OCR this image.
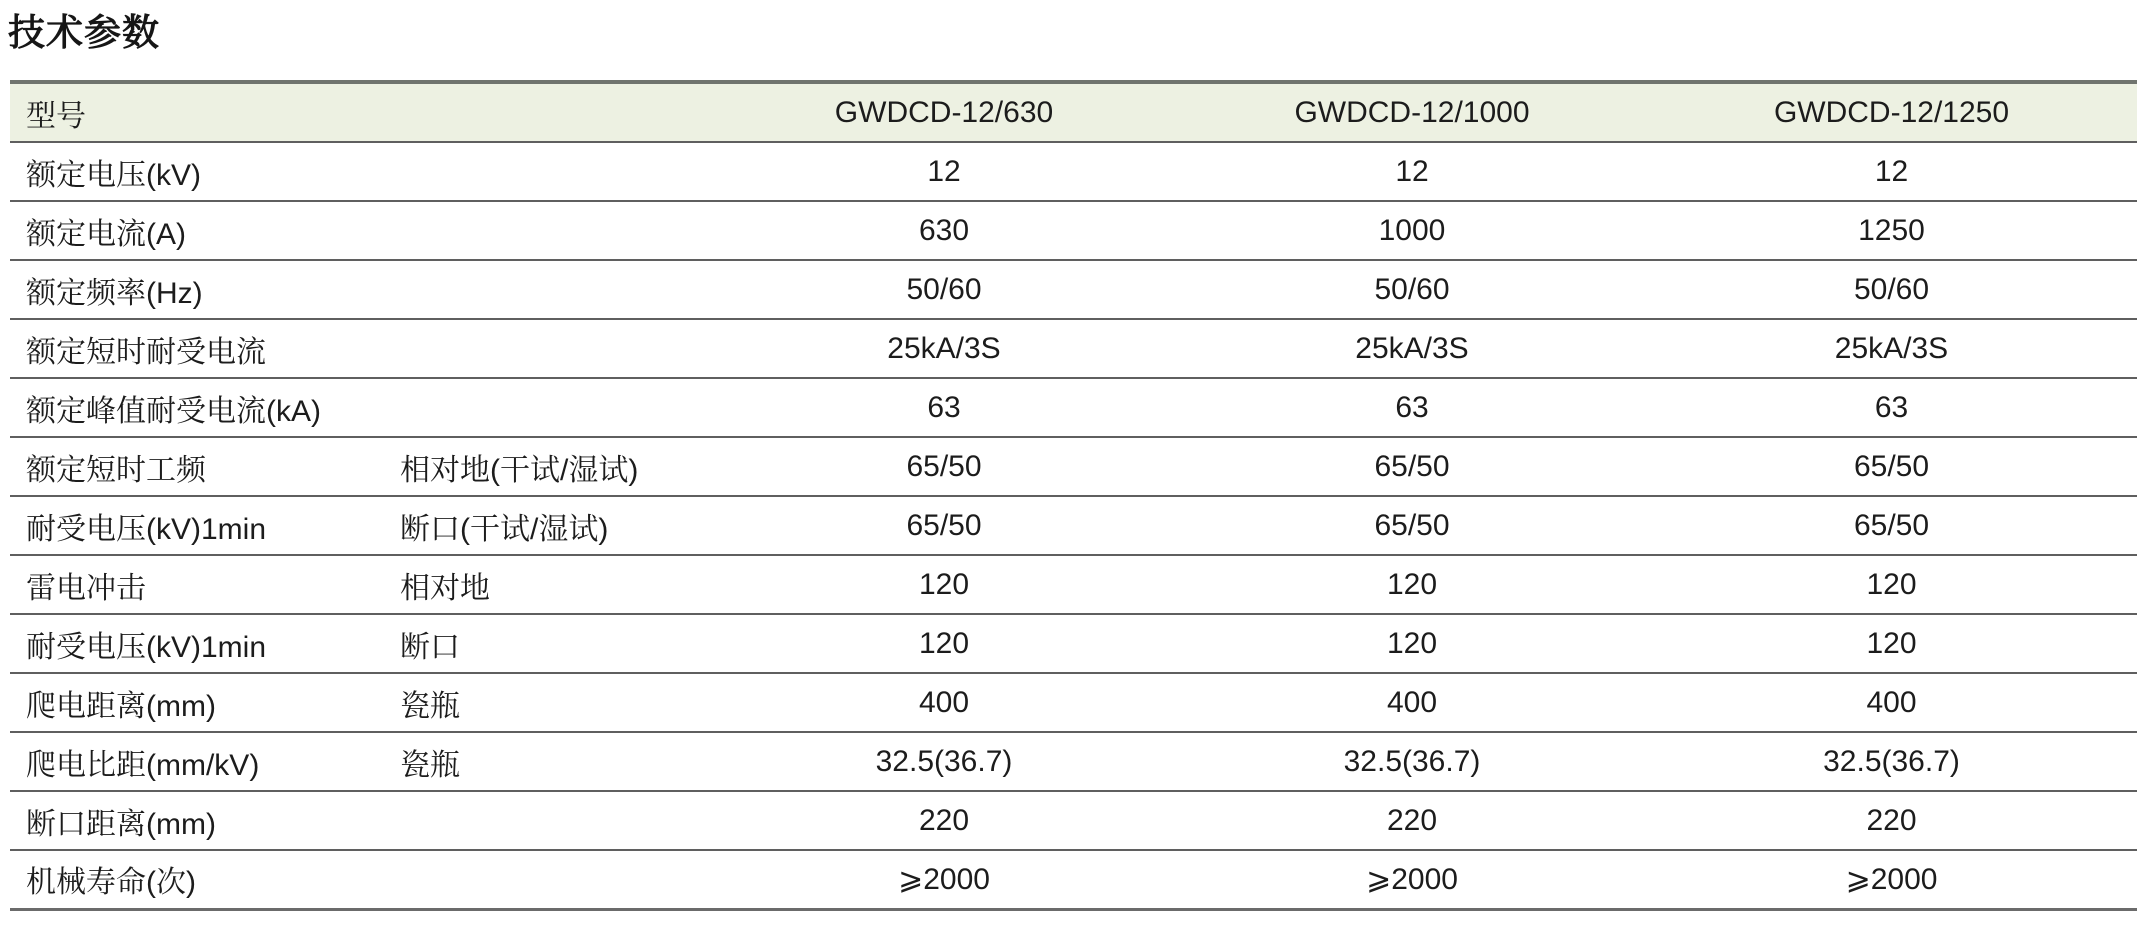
技术参数
型号		GWDCD-12/630	GWDCD-12/1000	GWDCD-12/1250
额定电压(kV)		12	12	12
额定电流(A)		630	1000	1250
额定频率(Hz)		50/60	50/60	50/60
额定短时耐受电流		25kA/3S	25kA/3S	25kA/3S
额定峰值耐受电流(kA)		63	63	63
额定短时工频	相对地(干试/湿试)	65/50	65/50	65/50
耐受电压(kV)1min	断口(干试/湿试)	65/50	65/50	65/50
雷电冲击	相对地	120	120	120
耐受电压(kV)1min	断口	120	120	120
爬电距离(mm)	瓷瓶	400	400	400
爬电比距(mm/kV)	瓷瓶	32.5(36.7)	32.5(36.7)	32.5(36.7)
断口距离(mm)		220	220	220
机械寿命(次)		⩾2000	⩾2000	⩾2000
